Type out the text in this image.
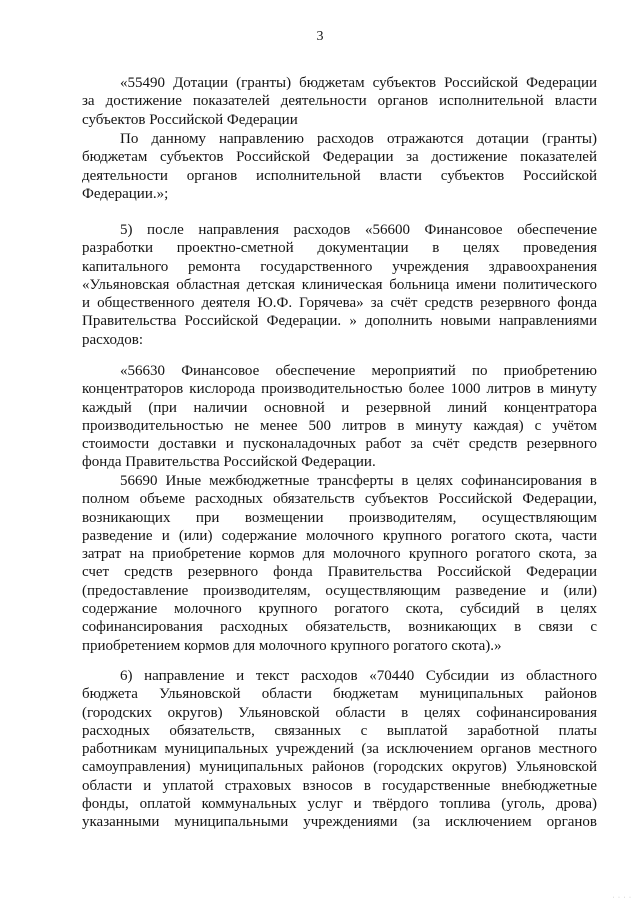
3
«55490 Дотации (гранты) бюджетам субъектов Российской Федерации
за достижение показателей деятельности органов исполнительной власти
субъектов Российской Федерации
По данному направлению расходов отражаются дотации (гранты)
бюджетам субъектов Российской Федерации за достижение показателей
деятельности органов исполнительной власти субъектов Российской
Федерации.»;
5) после направления расходов «56600 Финансовое обеспечение
разработки проектно-сметной документации в целях проведения
капитального ремонта государственного учреждения здравоохранения
«Ульяновская областная детская клиническая больница имени политического
и общественного деятеля Ю.Ф. Горячева» за счёт средств резервного фонда
Правительства Российской Федерации. » дополнить новыми направлениями
расходов:
«56630 Финансовое обеспечение мероприятий по приобретению
концентраторов кислорода производительностью более 1000 литров в минуту
каждый (при наличии основной и резервной линий концентратора
производительностью не менее 500 литров в минуту каждая) с учётом
стоимости доставки и пусконаладочных работ за счёт средств резервного
фонда Правительства Российской Федерации.
56690 Иные межбюджетные трансферты в целях софинансирования в
полном объеме расходных обязательств субъектов Российской Федерации,
возникающих при возмещении производителям, осуществляющим
разведение и (или) содержание молочного крупного рогатого скота, части
затрат на приобретение кормов для молочного крупного рогатого скота, за
счет средств резервного фонда Правительства Российской Федерации
(предоставление производителям, осуществляющим разведение и (или)
содержание молочного крупного рогатого скота, субсидий в целях
софинансирования расходных обязательств, возникающих в связи с
приобретением кормов для молочного крупного рогатого скота).»
6) направление и текст расходов «70440 Субсидии из областного
бюджета Ульяновской области бюджетам муниципальных районов
(городских округов) Ульяновской области в целях софинансирования
расходных обязательств, связанных с выплатой заработной платы
работникам муниципальных учреждений (за исключением органов местного
самоуправления) муниципальных районов (городских округов) Ульяновской
области и уплатой страховых взносов в государственные внебюджетные
фонды, оплатой коммунальных услуг и твёрдого топлива (уголь, дрова)
указанными муниципальными учреждениями (за исключением органов
· · · ·
